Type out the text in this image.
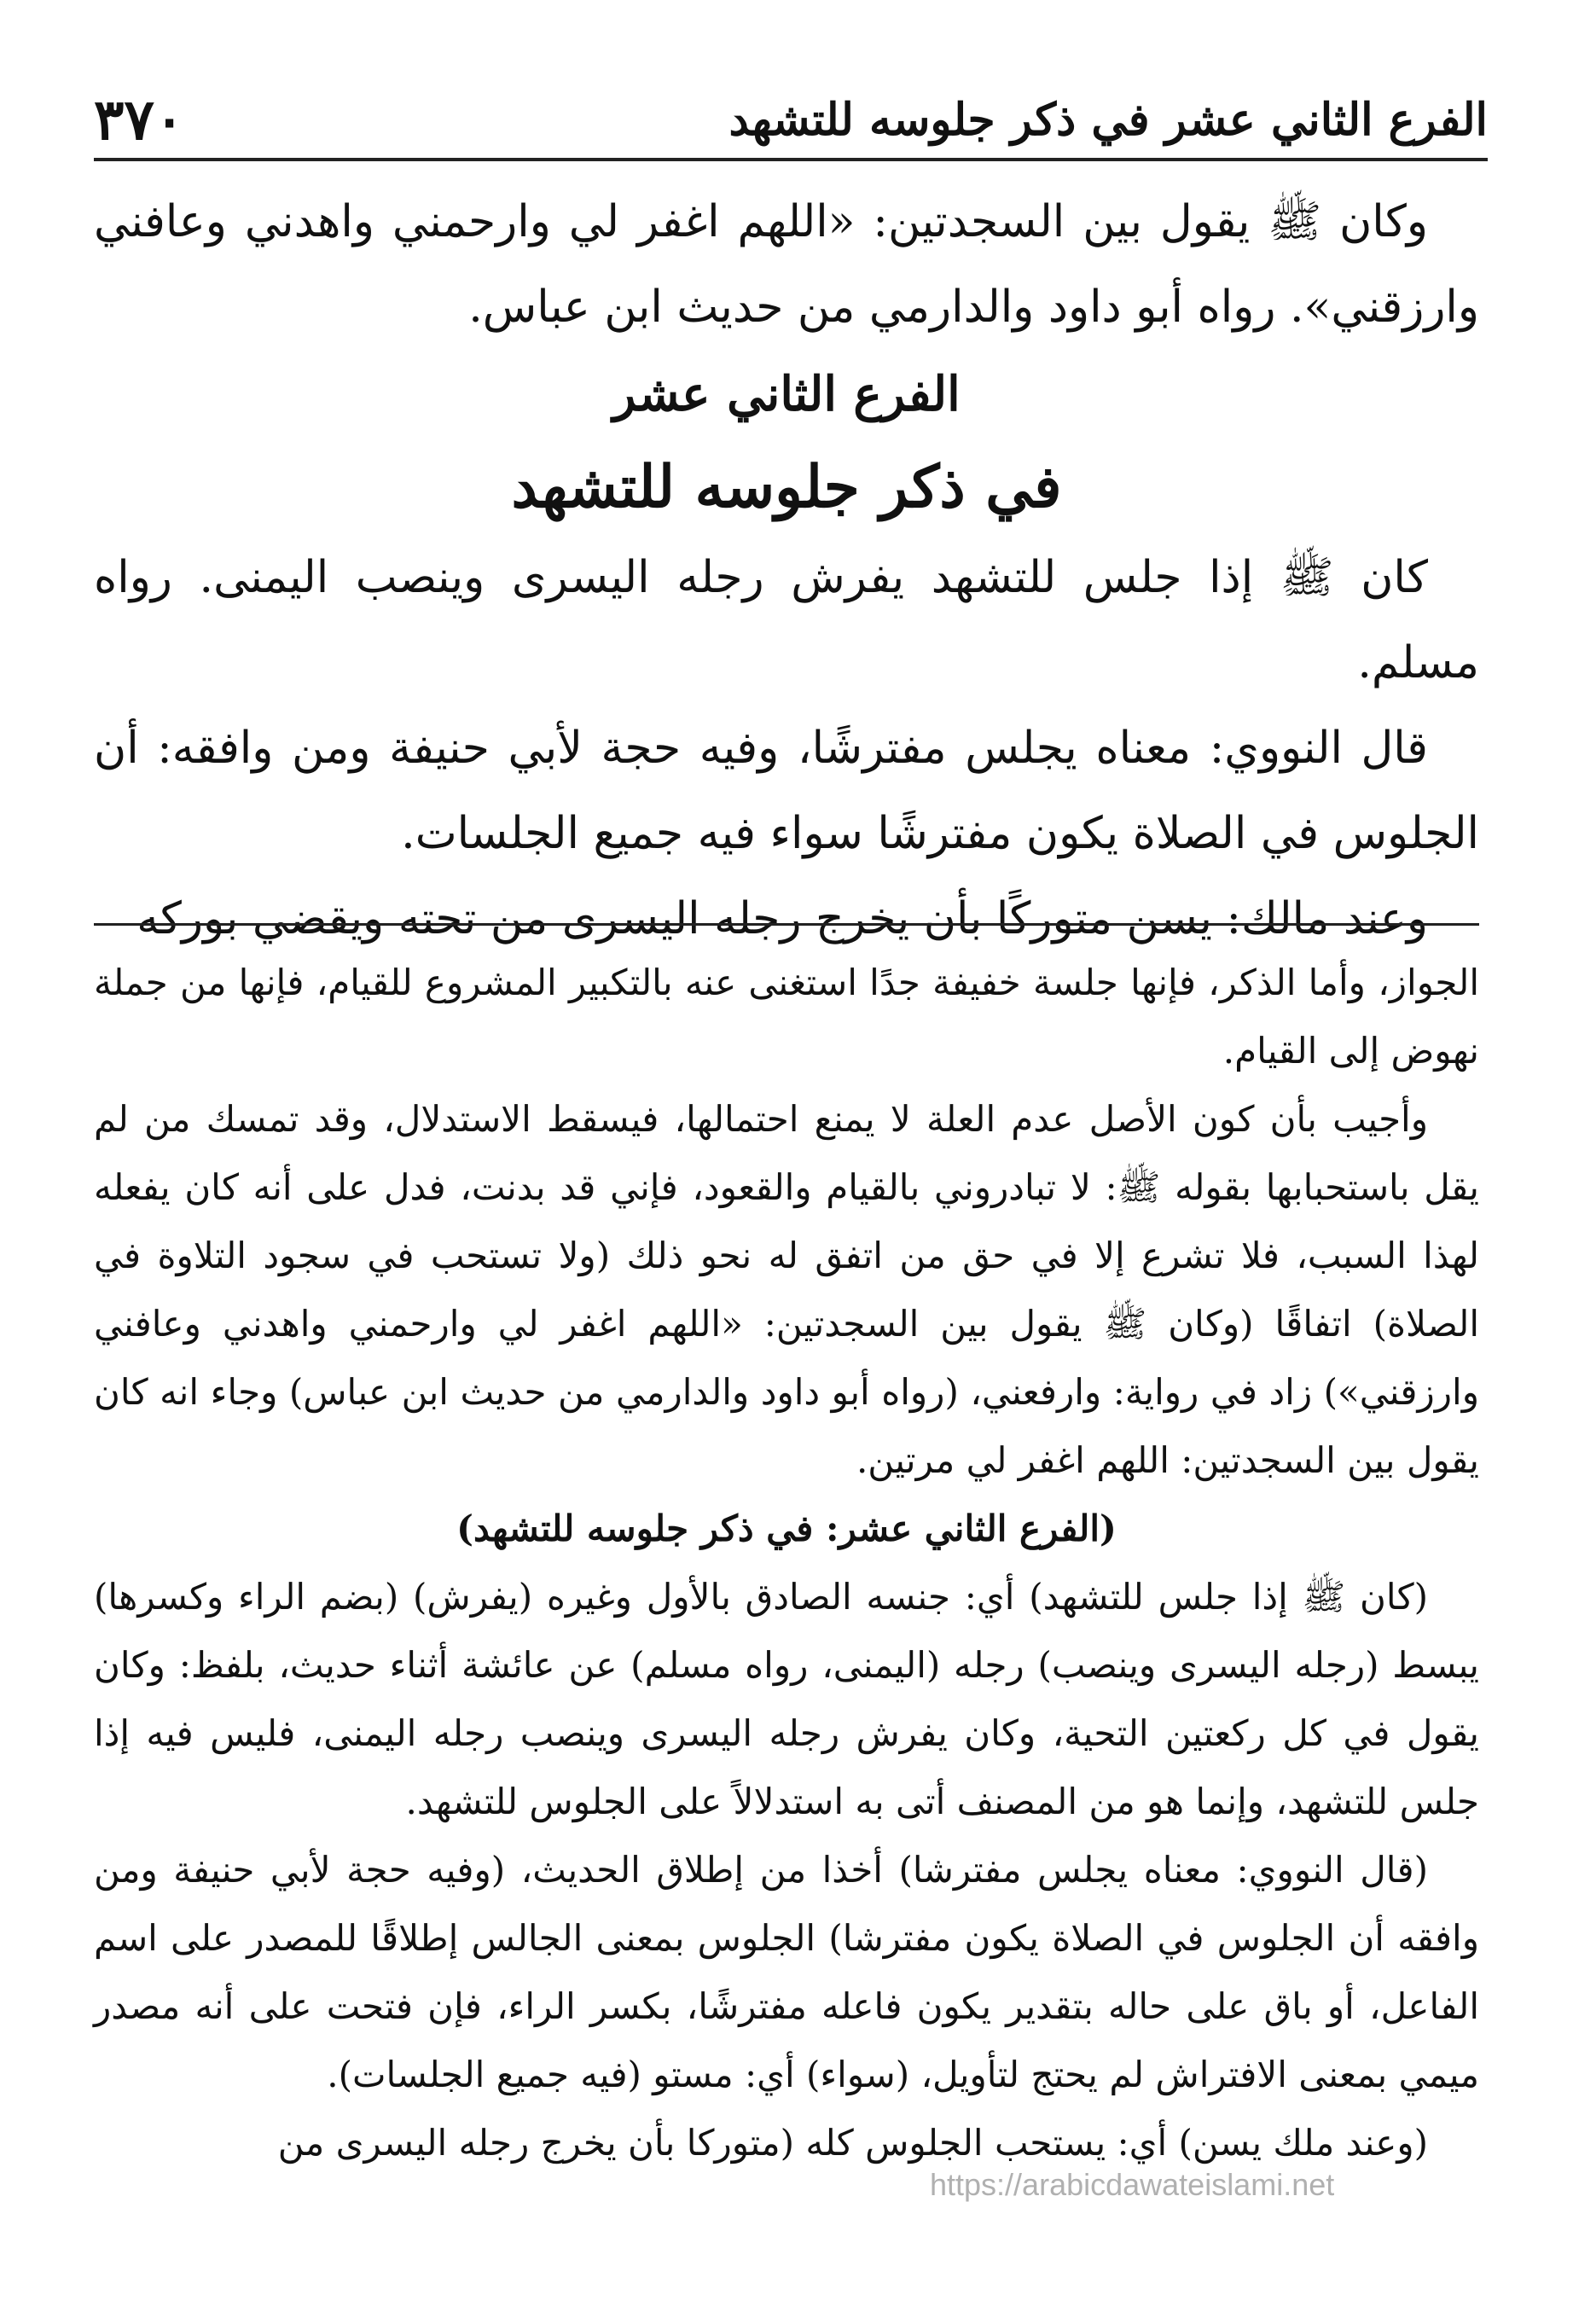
الفرع الثاني عشر في ذكر جلوسه للتشهد
٣٧٠

وكان ﷺ يقول بين السجدتين: «اللهم اغفر لي وارحمني واهدني وعافني وارزقني». رواه أبو داود والدارمي من حديث ابن عباس.

الفرع الثاني عشر

في ذكر جلوسه للتشهد

كان ﷺ إذا جلس للتشهد يفرش رجله اليسرى وينصب اليمنى. رواه مسلم.

قال النووي: معناه يجلس مفترشًا، وفيه حجة لأبي حنيفة ومن وافقه: أن الجلوس في الصلاة يكون مفترشًا سواء فيه جميع الجلسات.

وعند مالك: يسن متوركًا بأن يخرج رجله اليسرى من تحته ويقضي بوركه

الجواز، وأما الذكر، فإنها جلسة خفيفة جدًا استغنى عنه بالتكبير المشروع للقيام، فإنها من جملة نهوض إلى القيام.

وأجيب بأن كون الأصل عدم العلة لا يمنع احتمالها، فيسقط الاستدلال، وقد تمسك من لم يقل باستحبابها بقوله ﷺ: لا تبادروني بالقيام والقعود، فإني قد بدنت، فدل على أنه كان يفعله لهذا السبب، فلا تشرع إلا في حق من اتفق له نحو ذلك (ولا تستحب في سجود التلاوة في الصلاة) اتفاقًا (وكان ﷺ يقول بين السجدتين: «اللهم اغفر لي وارحمني واهدني وعافني وارزقني») زاد في رواية: وارفعني، (رواه أبو داود والدارمي من حديث ابن عباس) وجاء انه كان يقول بين السجدتين: اللهم اغفر لي مرتين.

(الفرع الثاني عشر: في ذكر جلوسه للتشهد)

(كان ﷺ إذا جلس للتشهد) أي: جنسه الصادق بالأول وغيره (يفرش) (بضم الراء وكسرها) يبسط (رجله اليسرى وينصب) رجله (اليمنى، رواه مسلم) عن عائشة أثناء حديث، بلفظ: وكان يقول في كل ركعتين التحية، وكان يفرش رجله اليسرى وينصب رجله اليمنى، فليس فيه إذا جلس للتشهد، وإنما هو من المصنف أتى به استدلالاً على الجلوس للتشهد.

(قال النووي: معناه يجلس مفترشا) أخذا من إطلاق الحديث، (وفيه حجة لأبي حنيفة ومن وافقه أن الجلوس في الصلاة يكون مفترشا) الجلوس بمعنى الجالس إطلاقًا للمصدر على اسم الفاعل، أو باق على حاله بتقدير يكون فاعله مفترشًا، بكسر الراء، فإن فتحت على أنه مصدر ميمي بمعنى الافتراش لم يحتج لتأويل، (سواء) أي: مستو (فيه جميع الجلسات).

(وعند ملك يسن) أي: يستحب الجلوس كله (متوركا بأن يخرج رجله اليسرى من

https://arabicdawateislami.net
